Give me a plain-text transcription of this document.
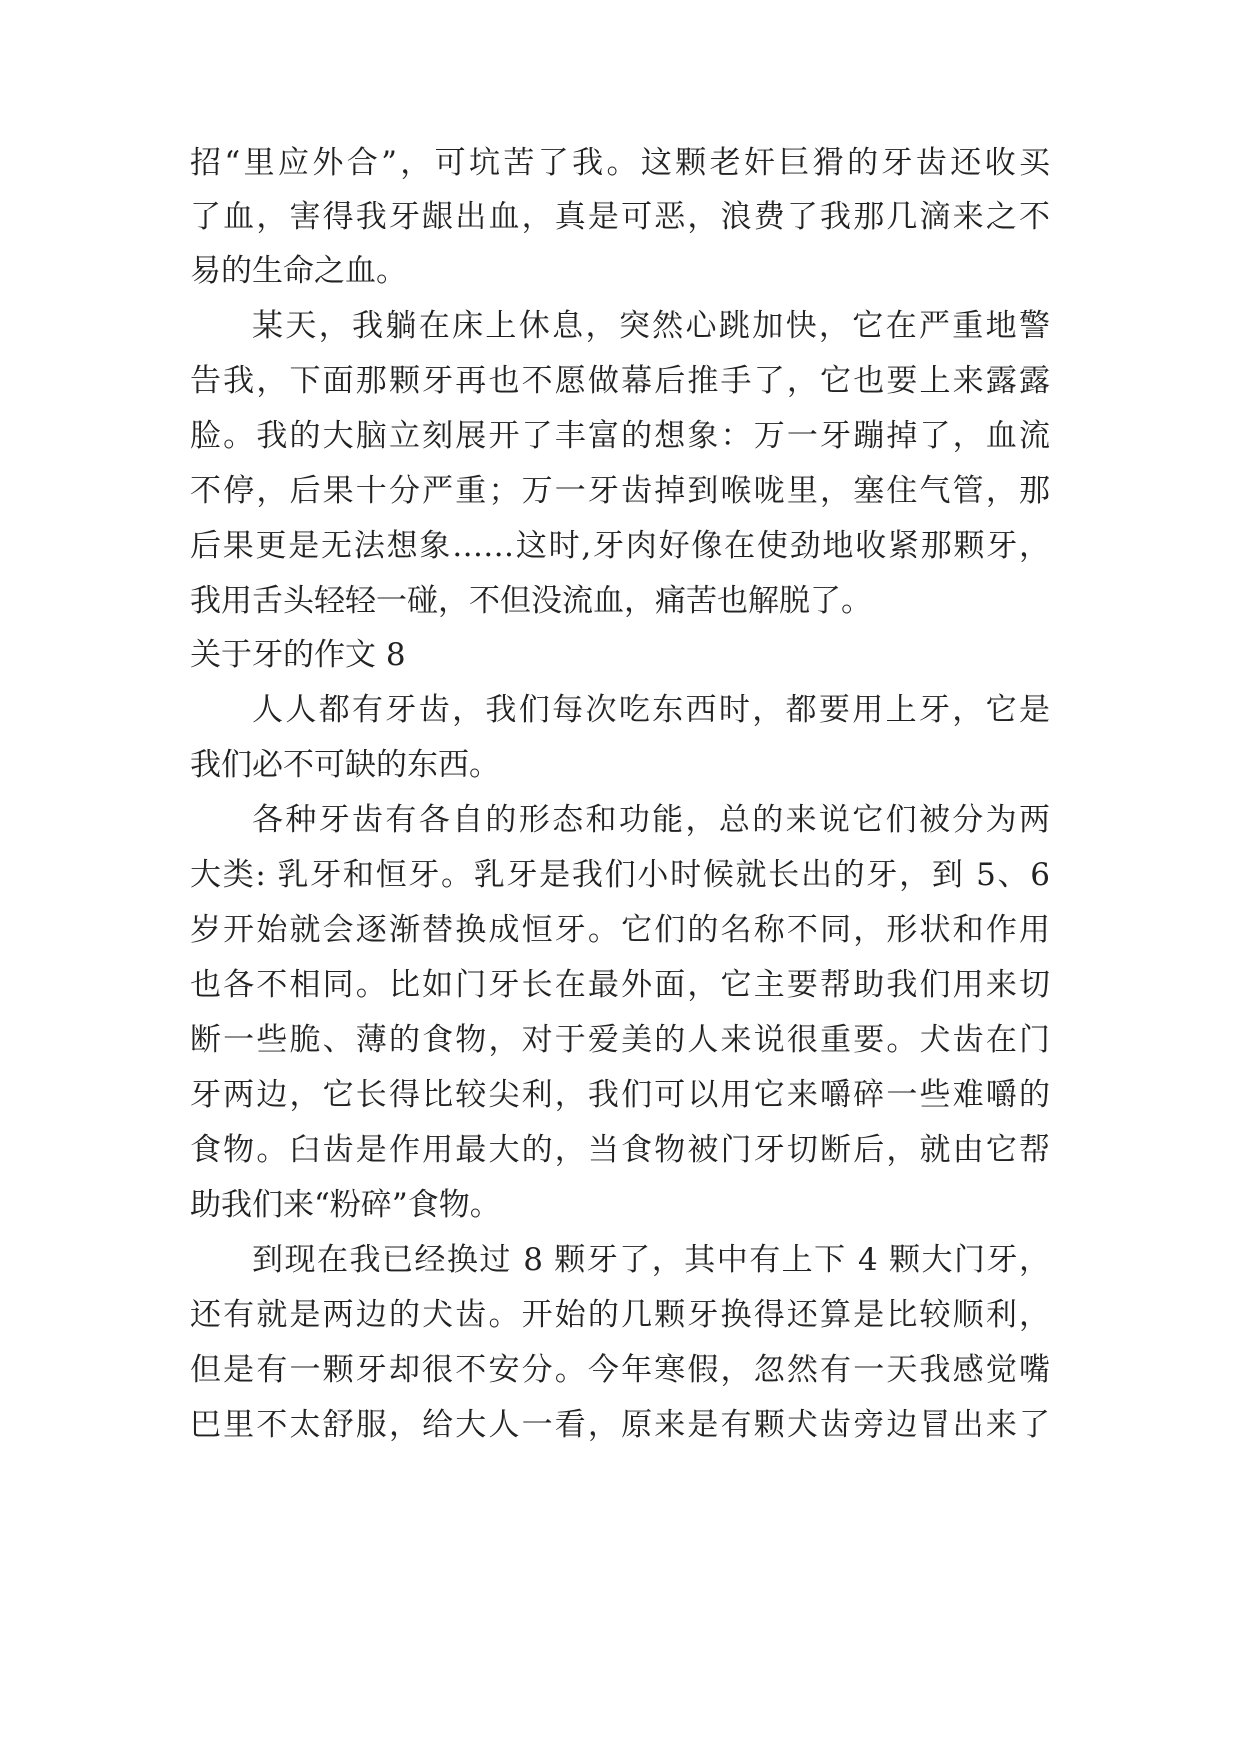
招“里应外合”，可坑苦了我。这颗老奸巨猾的牙齿还收买
了血，害得我牙龈出血，真是可恶，浪费了我那几滴来之不
易的生命之血。
某天，我躺在床上休息，突然心跳加快，它在严重地警
告我，下面那颗牙再也不愿做幕后推手了，它也要上来露露
脸。我的大脑立刻展开了丰富的想象：万一牙蹦掉了，血流
不停，后果十分严重；万一牙齿掉到喉咙里，塞住气管，那
后果更是无法想象……这时,牙肉好像在使劲地收紧那颗牙，
我用舌头轻轻一碰，不但没流血，痛苦也解脱了。
关于牙的作文 8
人人都有牙齿，我们每次吃东西时，都要用上牙，它是
我们必不可缺的东西。
各种牙齿有各自的形态和功能，总的来说它们被分为两
大类: 乳牙和恒牙。乳牙是我们小时候就长出的牙，到 5、6
岁开始就会逐渐替换成恒牙。它们的名称不同，形状和作用
也各不相同。比如门牙长在最外面，它主要帮助我们用来切
断一些脆、薄的食物，对于爱美的人来说很重要。犬齿在门
牙两边，它长得比较尖利，我们可以用它来嚼碎一些难嚼的
食物。臼齿是作用最大的，当食物被门牙切断后，就由它帮
助我们来“粉碎”食物。
到现在我已经换过 8 颗牙了，其中有上下 4 颗大门牙，
还有就是两边的犬齿。开始的几颗牙换得还算是比较顺利，
但是有一颗牙却很不安分。今年寒假，忽然有一天我感觉嘴
巴里不太舒服，给大人一看，原来是有颗犬齿旁边冒出来了
